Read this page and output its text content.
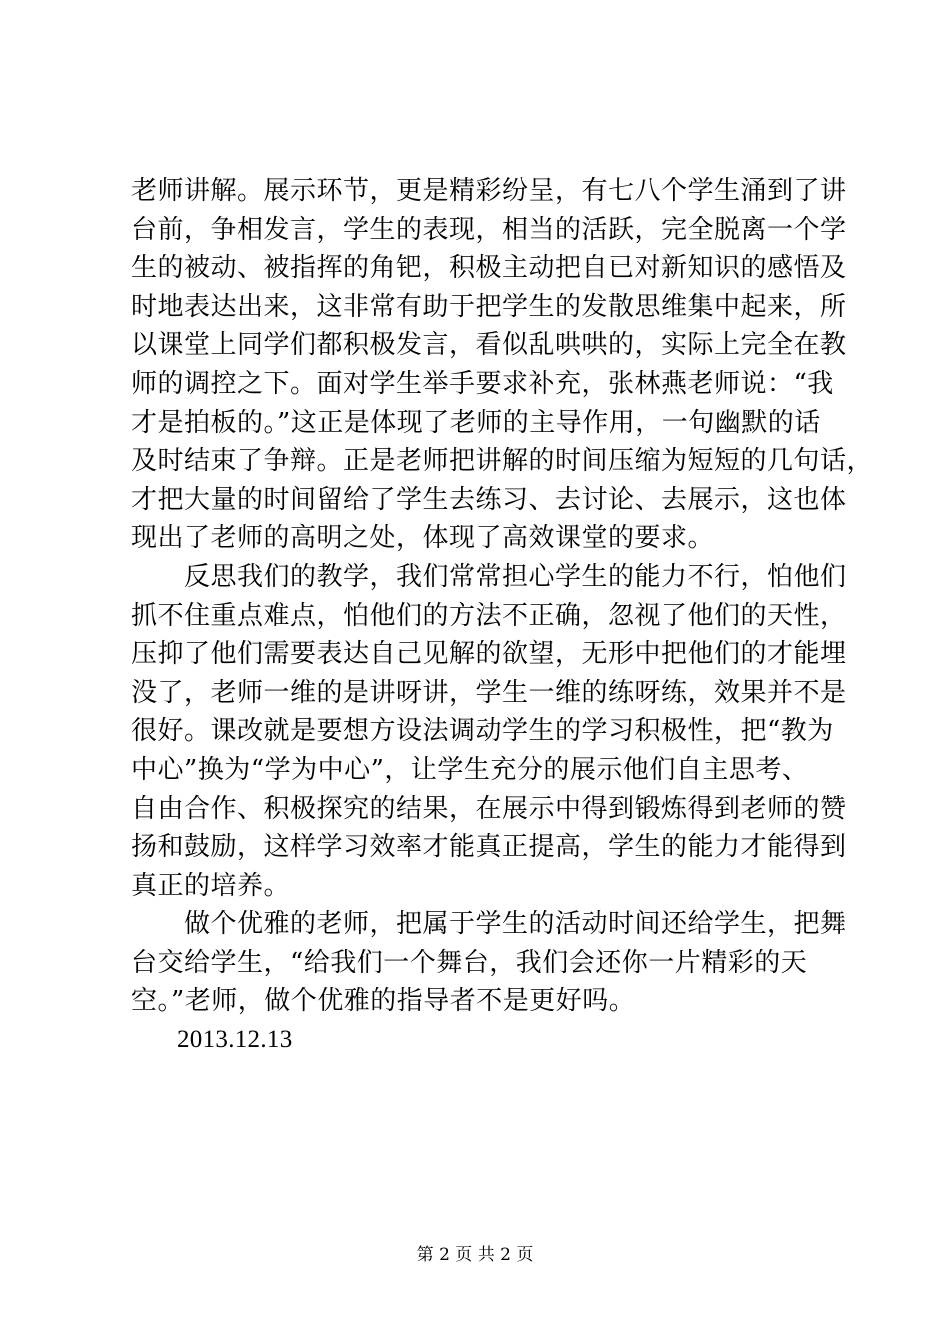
老师讲解。展示环节，更是精彩纷呈，有七八个学生涌到了讲
台前，争相发言，学生的表现，相当的活跃，完全脱离一个学
生的被动、被指挥的角钯，积极主动把自已对新知识的感悟及
时地表达出来，这非常有助于把学生的发散思维集中起来，所
以课堂上同学们都积极发言，看似乱哄哄的，实际上完全在教
师的调控之下。面对学生举手要求补充，张林燕老师说：“我
才是拍板的。”这正是体现了老师的主导作用，一句幽默的话
及时结束了争辩。正是老师把讲解的时间压缩为短短的几句话，
才把大量的时间留给了学生去练习、去讨论、去展示，这也体
现出了老师的高明之处，体现了高效课堂的要求。
　　反思我们的教学，我们常常担心学生的能力不行，怕他们
抓不住重点难点，怕他们的方法不正确，忽视了他们的天性，
压抑了他们需要表达自己见解的欲望，无形中把他们的才能埋
没了，老师一维的是讲呀讲，学生一维的练呀练，效果并不是
很好。课改就是要想方设法调动学生的学习积极性，把“教为
中心”换为“学为中心”，让学生充分的展示他们自主思考、
自由合作、积极探究的结果，在展示中得到锻炼得到老师的赞
扬和鼓励，这样学习效率才能真正提高，学生的能力才能得到
真正的培养。
　　做个优雅的老师，把属于学生的活动时间还给学生，把舞
台交给学生，“给我们一个舞台，我们会还你一片精彩的天
空。”老师，做个优雅的指导者不是更好吗。
2013.12.13
第 2 页 共 2 页
